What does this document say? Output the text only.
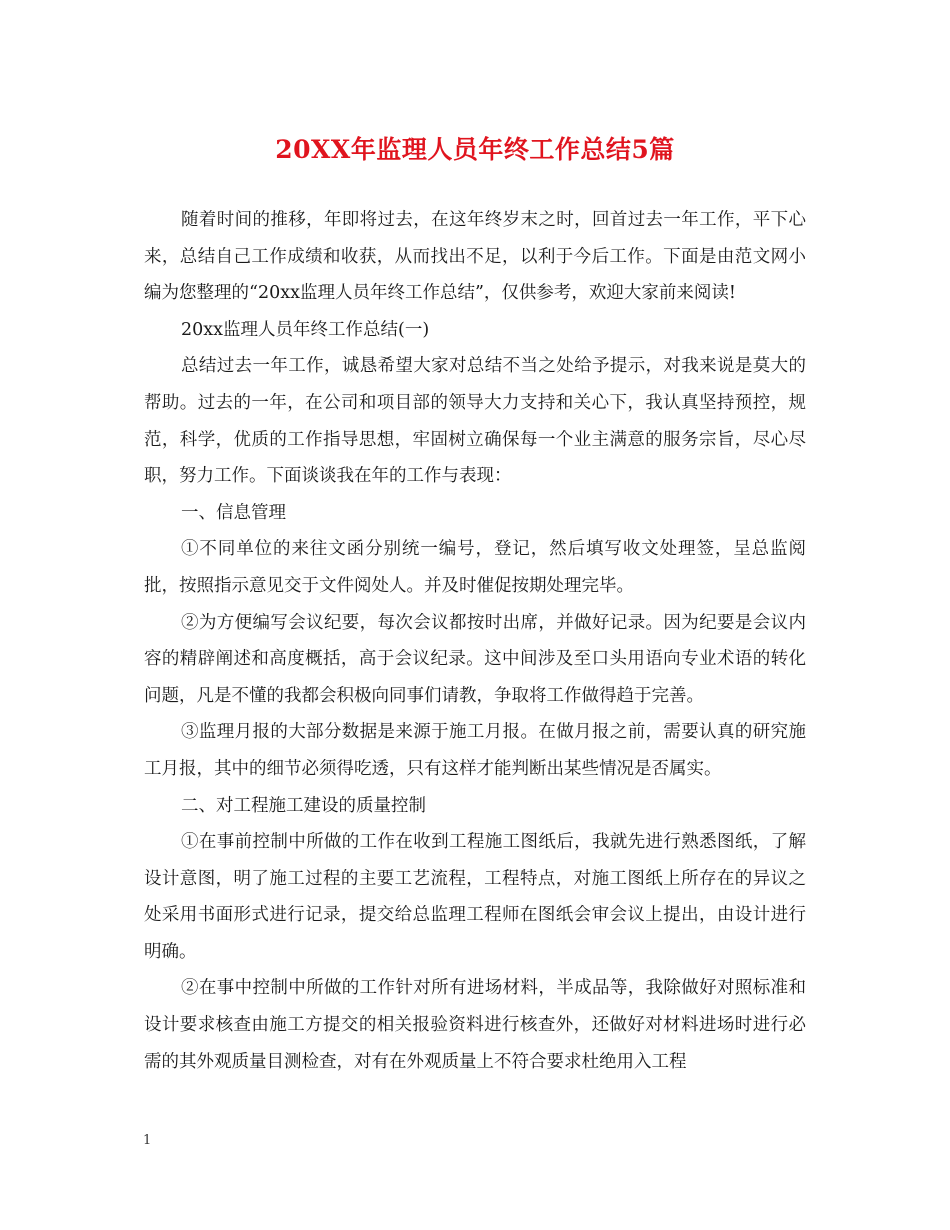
20XX年监理人员年终工作总结5篇

随着时间的推移，年即将过去，在这年终岁末之时，回首过去一年工作，平下心来，总结自己工作成绩和收获，从而找出不足，以利于今后工作。下面是由范文网小编为您整理的“20xx监理人员年终工作总结”，仅供参考，欢迎大家前来阅读!

20xx监理人员年终工作总结(一)

总结过去一年工作，诚恳希望大家对总结不当之处给予提示，对我来说是莫大的帮助。过去的一年，在公司和项目部的领导大力支持和关心下，我认真坚持预控，规范，科学，优质的工作指导思想，牢固树立确保每一个业主满意的服务宗旨，尽心尽职，努力工作。下面谈谈我在年的工作与表现：

一、信息管理

①不同单位的来往文函分别统一编号，登记，然后填写收文处理签，呈总监阅批，按照指示意见交于文件阅处人。并及时催促按期处理完毕。

②为方便编写会议纪要，每次会议都按时出席，并做好记录。因为纪要是会议内容的精辟阐述和高度概括，高于会议纪录。这中间涉及至口头用语向专业术语的转化问题，凡是不懂的我都会积极向同事们请教，争取将工作做得趋于完善。

③监理月报的大部分数据是来源于施工月报。在做月报之前，需要认真的研究施工月报，其中的细节必须得吃透，只有这样才能判断出某些情况是否属实。

二、对工程施工建设的质量控制

①在事前控制中所做的工作在收到工程施工图纸后，我就先进行熟悉图纸，了解设计意图，明了施工过程的主要工艺流程，工程特点，对施工图纸上所存在的异议之处采用书面形式进行记录，提交给总监理工程师在图纸会审会议上提出，由设计进行明确。

②在事中控制中所做的工作针对所有进场材料，半成品等，我除做好对照标准和设计要求核查由施工方提交的相关报验资料进行核查外，还做好对材料进场时进行必需的其外观质量目测检查，对有在外观质量上不符合要求杜绝用入工程

1
